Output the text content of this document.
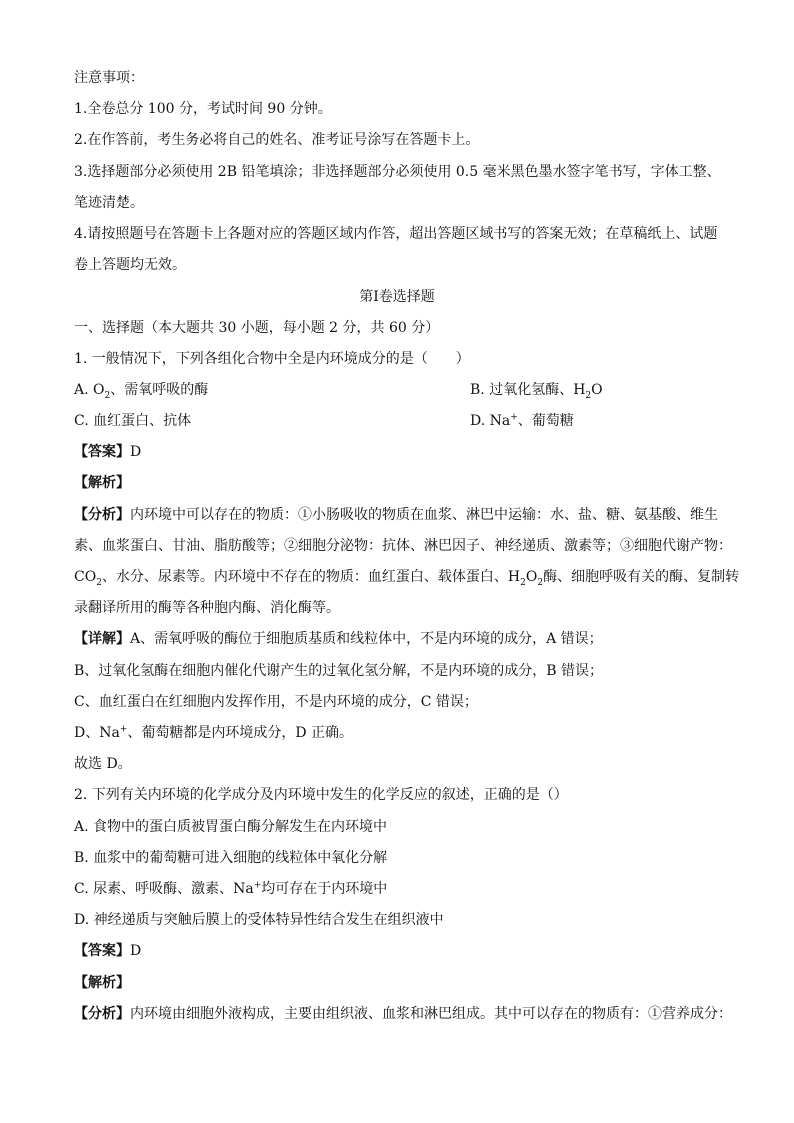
注意事项：
1.全卷总分 100 分，考试时间 90 分钟。
2.在作答前，考生务必将自己的姓名、准考证号涂写在答题卡上。
3.选择题部分必须使用 2B 铅笔填涂；非选择题部分必须使用 0.5 毫米黑色墨水签字笔书写，字体工整、
笔迹清楚。
4.请按照题号在答题卡上各题对应的答题区域内作答，超出答题区域书写的答案无效；在草稿纸上、试题
卷上答题均无效。
第Ⅰ卷选择题
一、选择题（本大题共 30 小题，每小题 2 分，共 60 分）
1. 一般情况下，下列各组化合物中全是内环境成分的是（　　）
A. $O_2$、需氧呼吸的酶	B. 过氧化氢酶、$H_2O$
C. 血红蛋白、抗体	D. Na+、葡萄糖
【答案】D
【解析】
【分析】内环境中可以存在的物质：①小肠吸收的物质在血浆、淋巴中运输：水、盐、糖、氨基酸、维生
素、血浆蛋白、甘油、脂肪酸等；②细胞分泌物：抗体、淋巴因子、神经递质、激素等；③细胞代谢产物：
$CO_2$、水分、尿素等。内环境中不存在的物质：血红蛋白、载体蛋白、$H_2O_2$酶、细胞呼吸有关的酶、复制转
录翻译所用的酶等各种胞内酶、消化酶等。
【详解】A、需氧呼吸的酶位于细胞质基质和线粒体中，不是内环境的成分，A 错误；
B、过氧化氢酶在细胞内催化代谢产生的过氧化氢分解，不是内环境的成分，B 错误；
C、血红蛋白在红细胞内发挥作用，不是内环境的成分，C 错误；
D、Na+、葡萄糖都是内环境成分，D 正确。
故选 D。
2. 下列有关内环境的化学成分及内环境中发生的化学反应的叙述，正确的是（）
A. 食物中的蛋白质被胃蛋白酶分解发生在内环境中
B. 血浆中的葡萄糖可进入细胞的线粒体中氧化分解
C. 尿素、呼吸酶、激素、Na+均可存在于内环境中
D. 神经递质与突触后膜上的受体特异性结合发生在组织液中
【答案】D
【解析】
【分析】内环境由细胞外液构成，主要由组织液、血浆和淋巴组成。其中可以存在的物质有：①营养成分：
